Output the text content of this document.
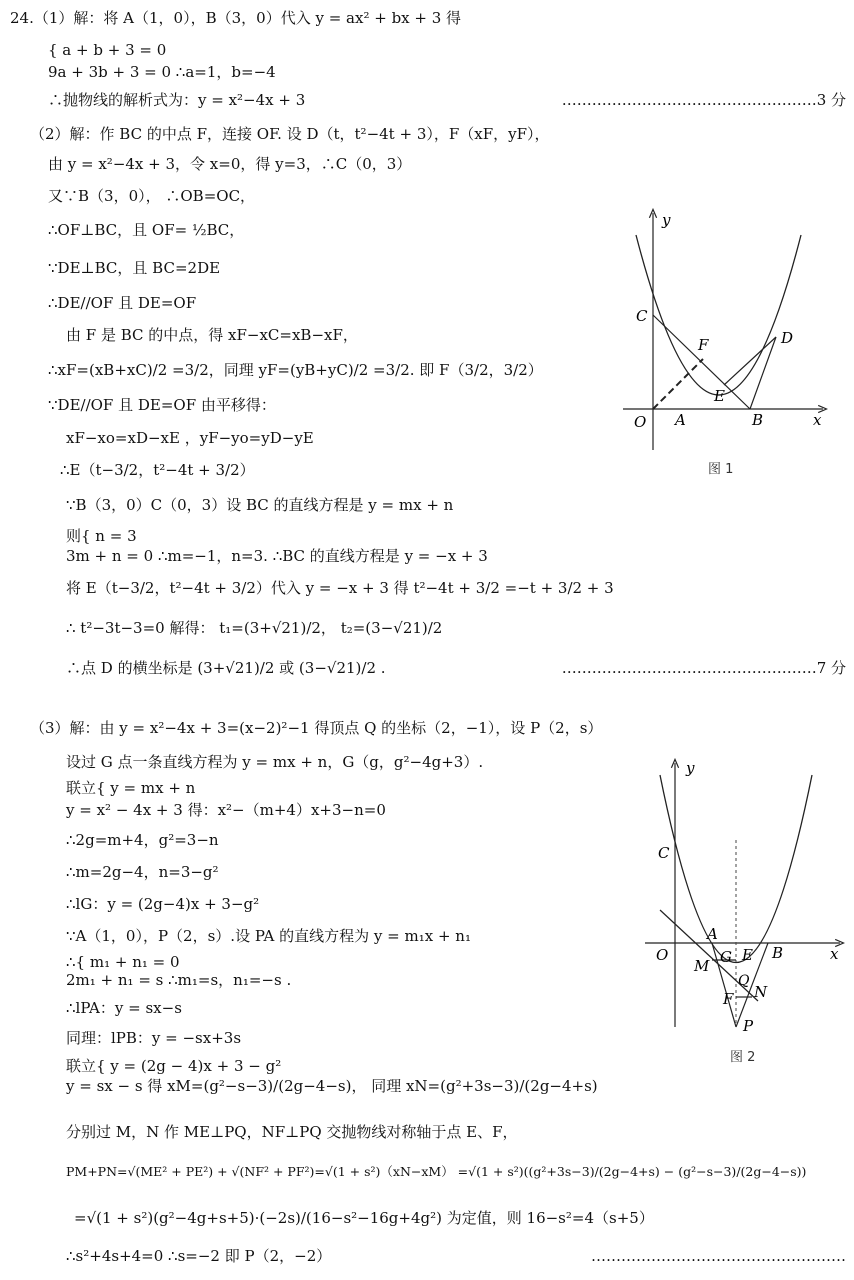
24.（1）解：将 A（1，0），B（3，0）代入 y = ax² + bx + 3 得
{ a + b + 3 = 0
9a + 3b + 3 = 0 ∴a=1，b=−4
∴抛物线的解析式为：y = x²−4x + 3	……………………………………………3 分
（2）解：作 BC 的中点 F，连接 OF. 设 D（t，t²−4t + 3），F（xF，yF），
由 y = x²−4x + 3，令 x=0，得 y=3，∴C（0，3）
又∵B（3，0）， ∴OB=OC，
∴OF⊥BC，且 OF= ½BC，
∵DE⊥BC，且 BC=2DE
∴DE//OF 且 DE=OF
由 F 是 BC 的中点，得 xF−xC=xB−xF，
∴xF=(xB+xC)/2 =3/2，同理 yF=(yB+yC)/2 =3/2. 即 F（3/2，3/2）
∵DE//OF 且 DE=OF 由平移得：
xF−xo=xD−xE ，yF−yo=yD−yE
∴E（t−3/2，t²−4t + 3/2）
∵B（3，0）C（0，3）设 BC 的直线方程是 y = mx + n
则{ n = 3
3m + n = 0 ∴m=−1，n=3. ∴BC 的直线方程是 y = −x + 3
将 E（t−3/2，t²−4t + 3/2）代入 y = −x + 3 得 t²−4t + 3/2 =−t + 3/2 + 3
∴ t²−3t−3=0 解得： t₁=(3+√21)/2， t₂=(3−√21)/2
∴点 D 的横坐标是 (3+√21)/2 或 (3−√21)/2 .	……………………………………………7 分
（3）解：由 y = x²−4x + 3=(x−2)²−1 得顶点 Q 的坐标（2，−1），设 P（2，s）
设过 G 点一条直线方程为 y = mx + n，G（g，g²−4g+3）.
联立{ y = mx + n
y = x² − 4x + 3 得：x²−（m+4）x+3−n=0
∴2g=m+4，g²=3−n
∴m=2g−4，n=3−g²
∴lG：y = (2g−4)x + 3−g²
∵A（1，0），P（2，s）.设 PA 的直线方程为 y = m₁x + n₁
∴{ m₁ + n₁ = 0
2m₁ + n₁ = s ∴m₁=s，n₁=−s .
∴lPA：y = sx−s
同理：lPB：y = −sx+3s
联立{ y = (2g − 4)x + 3 − g²
y = sx − s 得 xM=(g²−s−3)/(2g−4−s)， 同理 xN=(g²+3s−3)/(2g−4+s)
分别过 M，N 作 ME⊥PQ，NF⊥PQ 交抛物线对称轴于点 E、F，
PM+PN=√(ME² + PE²) + √(NF² + PF²)=√(1 + s²)（xN−xM） =√(1 + s²)((g²+3s−3)/(2g−4+s) − (g²−s−3)/(2g−4−s))
=√(1 + s²)(g²−4g+s+5)·(−2s)/(16−s²−16g+4g²) 为定值，则 16−s²=4（s+5）
∴s²+4s+4=0 ∴s=−2 即 P（2，−2）	……………………………………………
y
x
O A	B
C
D
E
F
图 1
y
x
O
C
A
B
M G E
Q
N
F
P
图 2
